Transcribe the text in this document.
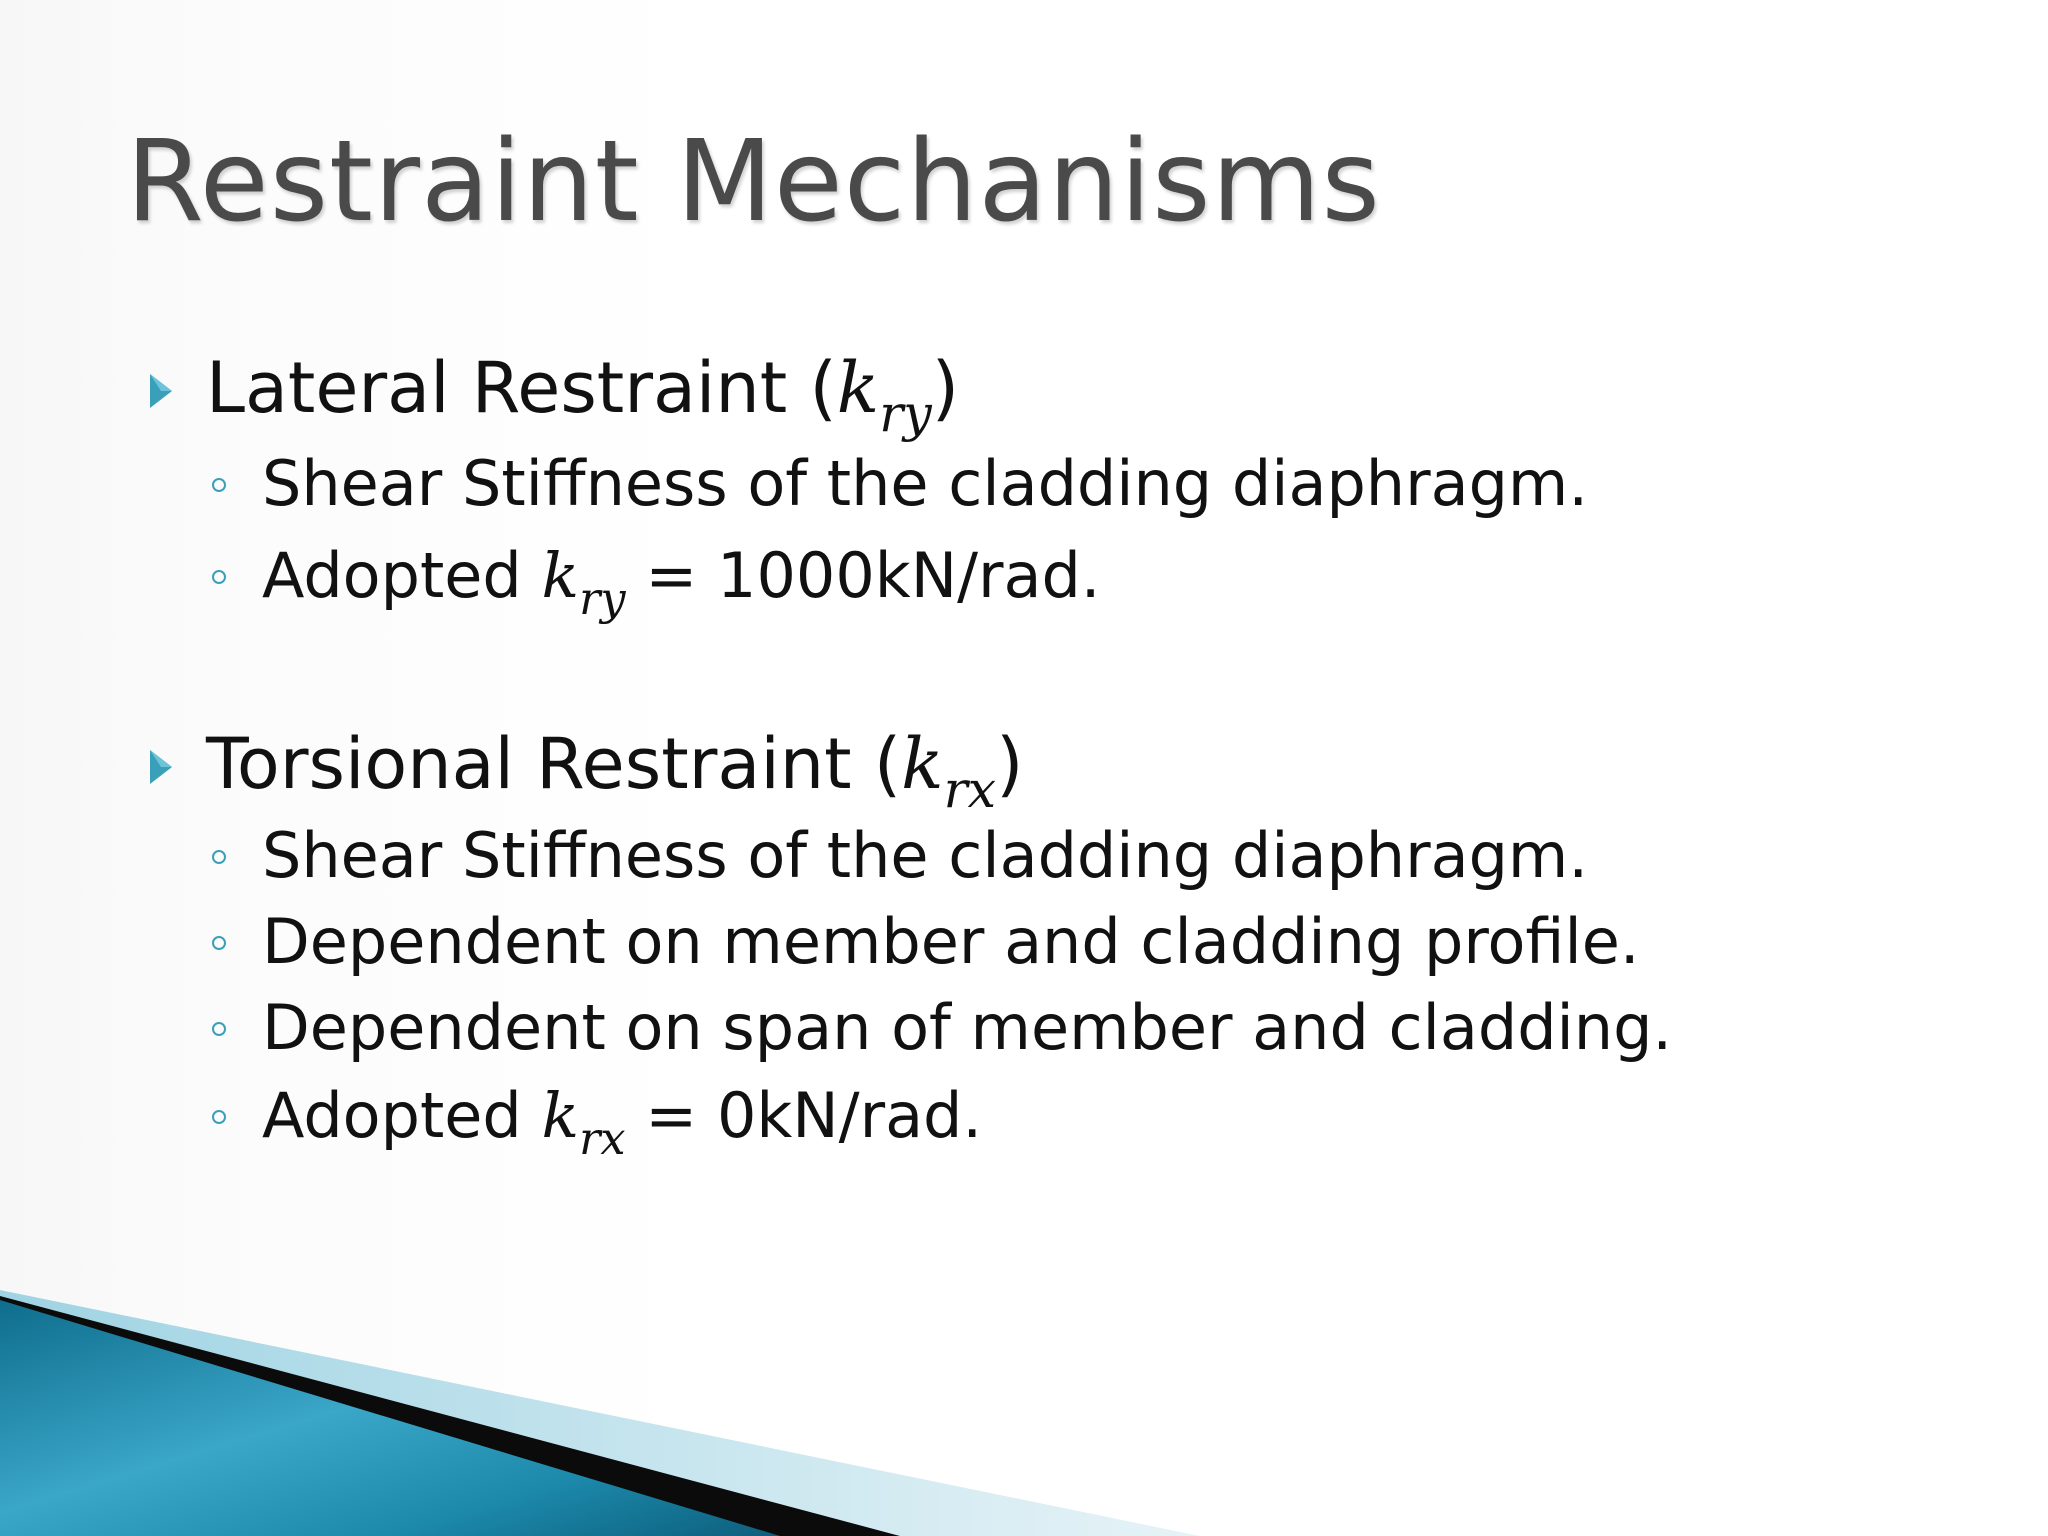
Restraint Mechanisms
Lateral Restraint $(k_{ry})$
Shear Stiffness of the cladding diaphragm.
Adopted $k_{ry} = 1000kN/rad$.
Torsional Restraint $(k_{rx})$
Shear Stiffness of the cladding diaphragm.
Dependent on member and cladding profile.
Dependent on span of member and cladding.
Adopted $k_{rx} = 0kN/rad$.
